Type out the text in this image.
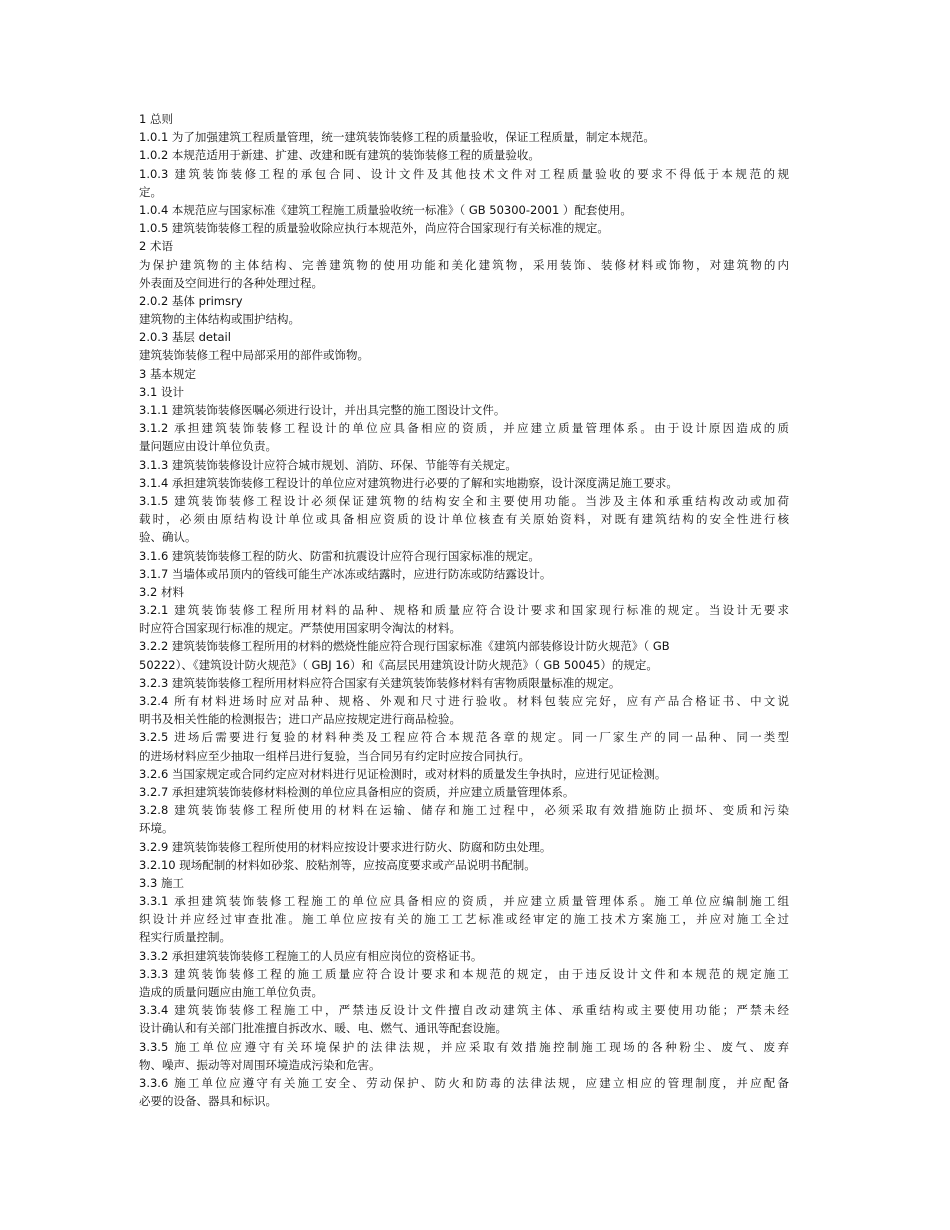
1 总则
1.0.1 为了加强建筑工程质量管理，统一建筑装饰装修工程的质量验收，保证工程质量，制定本规范。
1.0.2 本规范适用于新建、扩建、改建和既有建筑的装饰装修工程的质量验收。
1.0.3 建筑装饰装修工程的承包合同、设计文件及其他技术文件对工程质量验收的要求不得低于本规范的规
定。
1.0.4 本规范应与国家标准《建筑工程施工质量验收统一标准》（ GB 50300-2001 ）配套使用。
1.0.5 建筑装饰装修工程的质量验收除应执行本规范外，尚应符合国家现行有关标准的规定。
2 术语
为保护建筑物的主体结构、完善建筑物的使用功能和美化建筑物，采用装饰、装修材料或饰物，对建筑物的内
外表面及空间进行的各种处理过程。
2.0.2 基体 primsry
建筑物的主体结构或围护结构。
2.0.3 基层 detail
建筑装饰装修工程中局部采用的部件或饰物。
3 基本规定
3.1 设计
3.1.1 建筑装饰装修医嘱必须进行设计，并出具完整的施工图设计文件。
3.1.2 承担建筑装饰装修工程设计的单位应具备相应的资质，并应建立质量管理体系。由于设计原因造成的质
量问题应由设计单位负责。
3.1.3 建筑装饰装修设计应符合城市规划、消防、环保、节能等有关规定。
3.1.4 承担建筑装饰装修工程设计的单位应对建筑物进行必要的了解和实地勘察，设计深度满足施工要求。
3.1.5 建筑装饰装修工程设计必须保证建筑物的结构安全和主要使用功能。当涉及主体和承重结构改动或加荷
载时，必须由原结构设计单位或具备相应资质的设计单位核查有关原始资料，对既有建筑结构的安全性进行核
验、确认。
3.1.6 建筑装饰装修工程的防火、防雷和抗震设计应符合现行国家标准的规定。
3.1.7 当墙体或吊顶内的管线可能生产冰冻或结露时，应进行防冻或防结露设计。
3.2 材料
3.2.1 建筑装饰装修工程所用材料的品种、规格和质量应符合设计要求和国家现行标准的规定。当设计无要求
时应符合国家现行标准的规定。严禁使用国家明令淘汰的材料。
3.2.2 建筑装饰装修工程所用的材料的燃烧性能应符合现行国家标准《建筑内部装修设计防火规范》（ GB
50222）、《建筑设计防火规范》（ GBJ 16）和《高层民用建筑设计防火规范》（ GB 50045）的规定。
3.2.3 建筑装饰装修工程所用材料应符合国家有关建筑装饰装修材料有害物质限量标准的规定。
3.2.4 所有材料进场时应对品种、规格、外观和尺寸进行验收。材料包装应完好，应有产品合格证书、中文说
明书及相关性能的检测报告；进口产品应按规定进行商品检验。
3.2.5 进场后需要进行复验的材料种类及工程应符合本规范各章的规定。同一厂家生产的同一品种、同一类型
的进场材料应至少抽取一组样吕进行复验，当合同另有约定时应按合同执行。
3.2.6 当国家规定或合同约定应对材料进行见证检测时，或对材料的质量发生争执时，应进行见证检测。
3.2.7 承担建筑装饰装修材料检测的单位应具备相应的资质，并应建立质量管理体系。
3.2.8 建筑装饰装修工程所使用的材料在运输、储存和施工过程中，必须采取有效措施防止损坏、变质和污染
环境。
3.2.9 建筑装饰装修工程所使用的材料应按设计要求进行防火、防腐和防虫处理。
3.2.10 现场配制的材料如砂浆、胶粘剂等，应按高度要求或产品说明书配制。
3.3 施工
3.3.1 承担建筑装饰装修工程施工的单位应具备相应的资质，并应建立质量管理体系。施工单位应编制施工组
织设计并应经过审查批准。施工单位应按有关的施工工艺标准或经审定的施工技术方案施工，并应对施工全过
程实行质量控制。
3.3.2 承担建筑装饰装修工程施工的人员应有相应岗位的资格证书。
3.3.3 建筑装饰装修工程的施工质量应符合设计要求和本规范的规定，由于违反设计文件和本规范的规定施工
造成的质量问题应由施工单位负责。
3.3.4 建筑装饰装修工程施工中，严禁违反设计文件擅自改动建筑主体、承重结构或主要使用功能；严禁未经
设计确认和有关部门批准擅自拆改水、暖、电、燃气、通讯等配套设施。
3.3.5 施工单位应遵守有关环境保护的法律法规，并应采取有效措施控制施工现场的各种粉尘、废气、废弃
物、噪声、振动等对周围环境造成污染和危害。
3.3.6 施工单位应遵守有关施工安全、劳动保护、防火和防毒的法律法规，应建立相应的管理制度，并应配备
必要的设备、器具和标识。
